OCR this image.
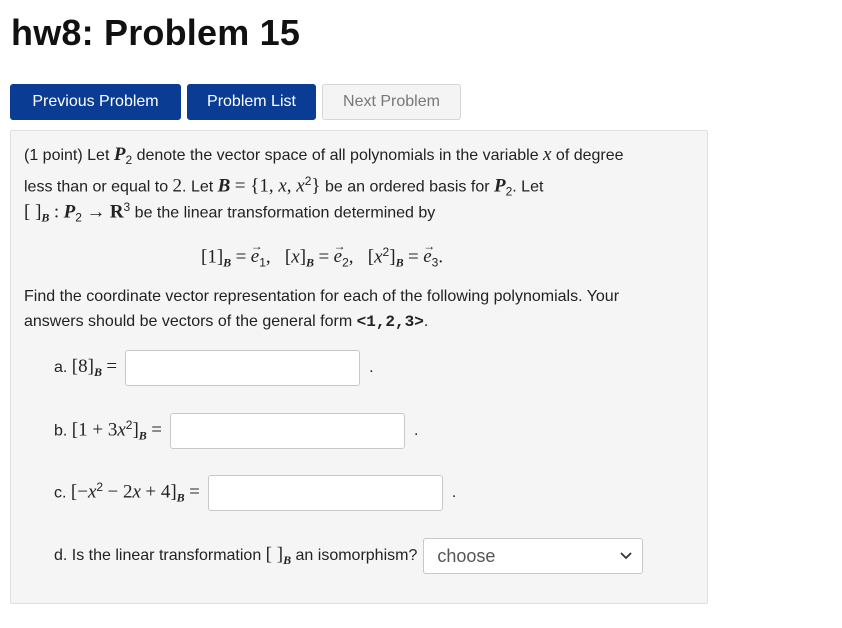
hw8: Problem 15
Previous Problem	Problem List	Next Problem
(1 point) Let $P_2$ denote the vector space of all polynomials in the variable x of degree
less than or equal to 2. Let B = {1, x, $x^2$} be an ordered basis for $P_2$. Let
[ ]$_B$ : $P_2 \to R^3$ be the linear transformation determined by
$[1]_B$ = → $e_1$,   $[x]_B$ = → $e_2$,   $[x^2]_B$ = → $e_3$.
Find the coordinate vector representation for each of the following polynomials. Your
answers should be vectors of the general form <1,2,3>.
a. $[8]_B$ =	.
b. $[1 + 3x^2]_B$ =	.
c. $[-x^2 - 2x + 4]_B$ =	.
d. Is the linear transformation [ ]$_B$ an isomorphism? choose
